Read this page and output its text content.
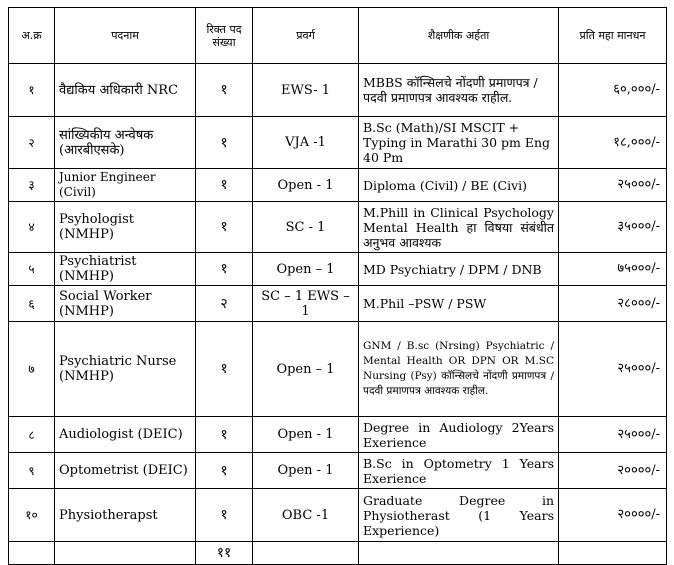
अ.क्र	पदनाम	रिक्त पद संख्या	प्रवर्ग	शैक्षणीक अर्हता	प्रति महा मानधन
१	वैद्यकिय अधिकारी NRC	१	EWS- 1	MBBS कॉन्सिलचे नोंदणी प्रमाणपत्र / पदवी प्रमाणपत्र आवश्यक राहील.	६०,०००/-
२	सांख्यिकीय अन्वेषक (आरबीएसके)	१	VJA -1	B.Sc (Math)/SI MSCIT + Typing in Marathi 30 pm Eng 40 Pm	१८,०००/-
३	Junior Engineer (Civil)	१	Open - 1	Diploma (Civil) / BE (Civi)	२५०००/-
४	Psyhologist (NMHP)	१	SC - 1	M.Phill in Clinical Psychology Mental Health हा विषया संबंधीत अनुभव आवश्यक	३५०००/-
५	Psychiatrist (NMHP)	१	Open – 1	MD Psychiatry / DPM / DNB	७५०००/-
६	Social Worker (NMHP)	२	SC – 1 EWS – 1	M.Phil –PSW / PSW	२८०००/-
७	Psychiatric Nurse (NMHP)	१	Open – 1	GNM / B.sc (Nrsing) Psychiatric / Mental Health OR DPN OR M.SC Nursing (Psy) कॉन्सिलचे नोंदणी प्रमाणपत्र / पदवी प्रमाणपत्र आवश्यक राहील.	२५०००/-
८	Audiologist (DEIC)	१	Open - 1	Degree in Audiology 2Years Exerience	२५०००/-
९	Optometrist (DEIC)	१	Open - 1	B.Sc in Optometry 1 Years Exerience	२००००/-
१०	Physiotherapst	१	OBC -1	Graduate Degree in Physiotherast (1 Years Experience)	२००००/-
		११			
